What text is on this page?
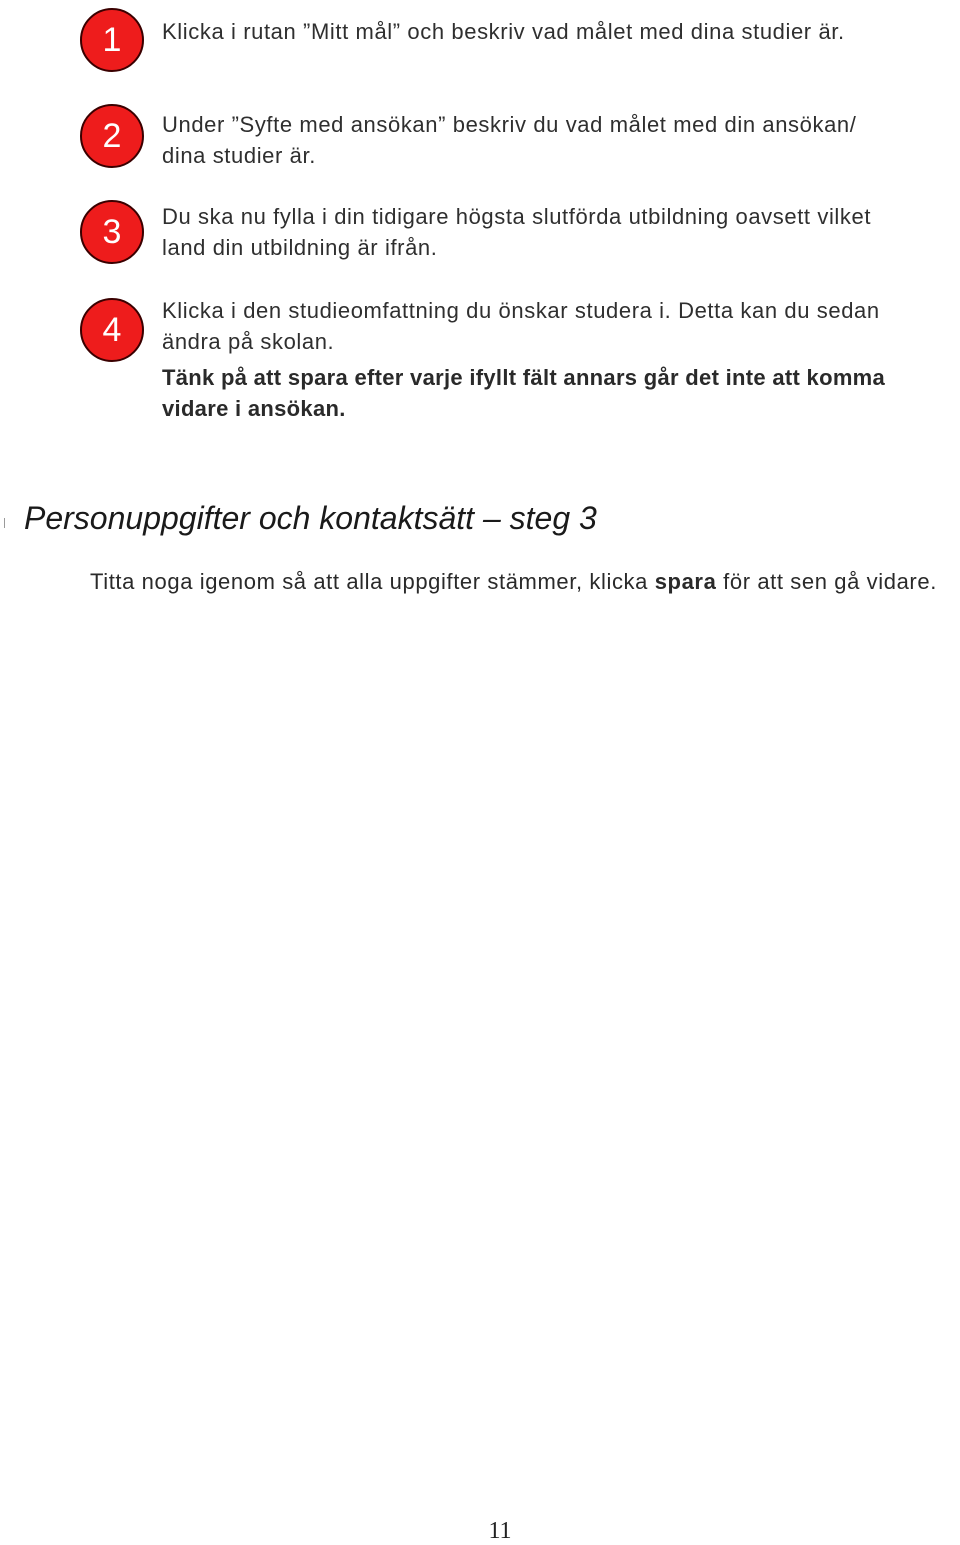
1	Klicka i rutan ”Mitt mål” och beskriv vad målet med dina studier är.

2	Under ”Syfte med ansökan” beskriv du vad målet med din ansökan/ dina studier är.

3	Du ska nu fylla i din tidigare högsta slutförda utbildning oavsett vilket land din utbildning är ifrån.

4	Klicka i den studieomfattning du önskar studera i. Detta kan du sedan ändra på skolan.

Tänk på att spara efter varje ifyllt fält annars går det inte att komma vidare i ansökan.

Personuppgifter och kontaktsätt – steg 3

Titta noga igenom så att alla uppgifter stämmer, klicka spara för att sen gå vidare.

11
